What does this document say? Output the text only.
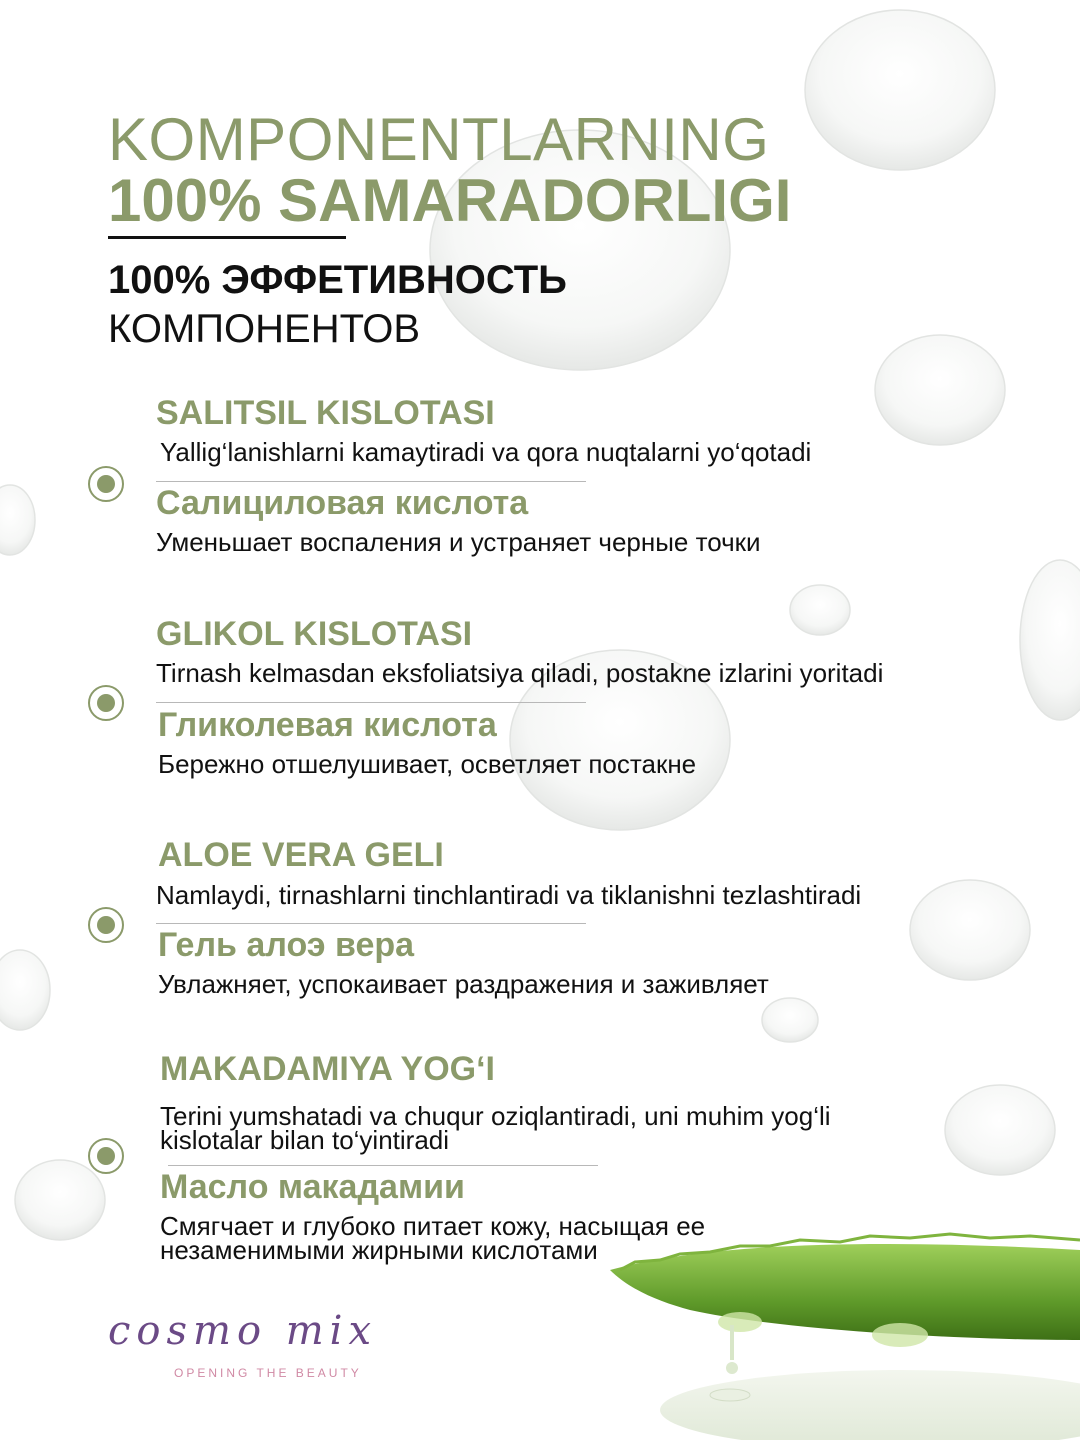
KOMPONENTLARNING
100% SAMARADORLIGI
100% ЭФФЕТИВНОСТЬ
КОМПОНЕНТОВ
SALITSIL KISLOTASI
Yallig‘lanishlarni kamaytiradi va qora nuqtalarni yo‘qotadi
Салициловая кислота
Уменьшает воспаления и устраняет черные точки
GLIKOL KISLOTASI
Tirnash kelmasdan eksfoliatsiya qiladi, postakne izlarini yoritadi
Гликолевая кислота
Бережно отшелушивает, осветляет постакне
ALOE VERA GELI
Namlaydi, tirnashlarni tinchlantiradi va tiklanishni tezlashtiradi
Гель алоэ вера
Увлажняет, успокаивает раздражения и заживляет
MAKADAMIYA YOG‘I
Terini yumshatadi va chuqur oziqlantiradi, uni muhim yog‘li kislotalar bilan to‘yintiradi
Масло макадамии
Смягчает и глубоко питает кожу, насыщая ее незаменимыми жирными кислотами
cosmo mix
OPENING THE BEAUTY
